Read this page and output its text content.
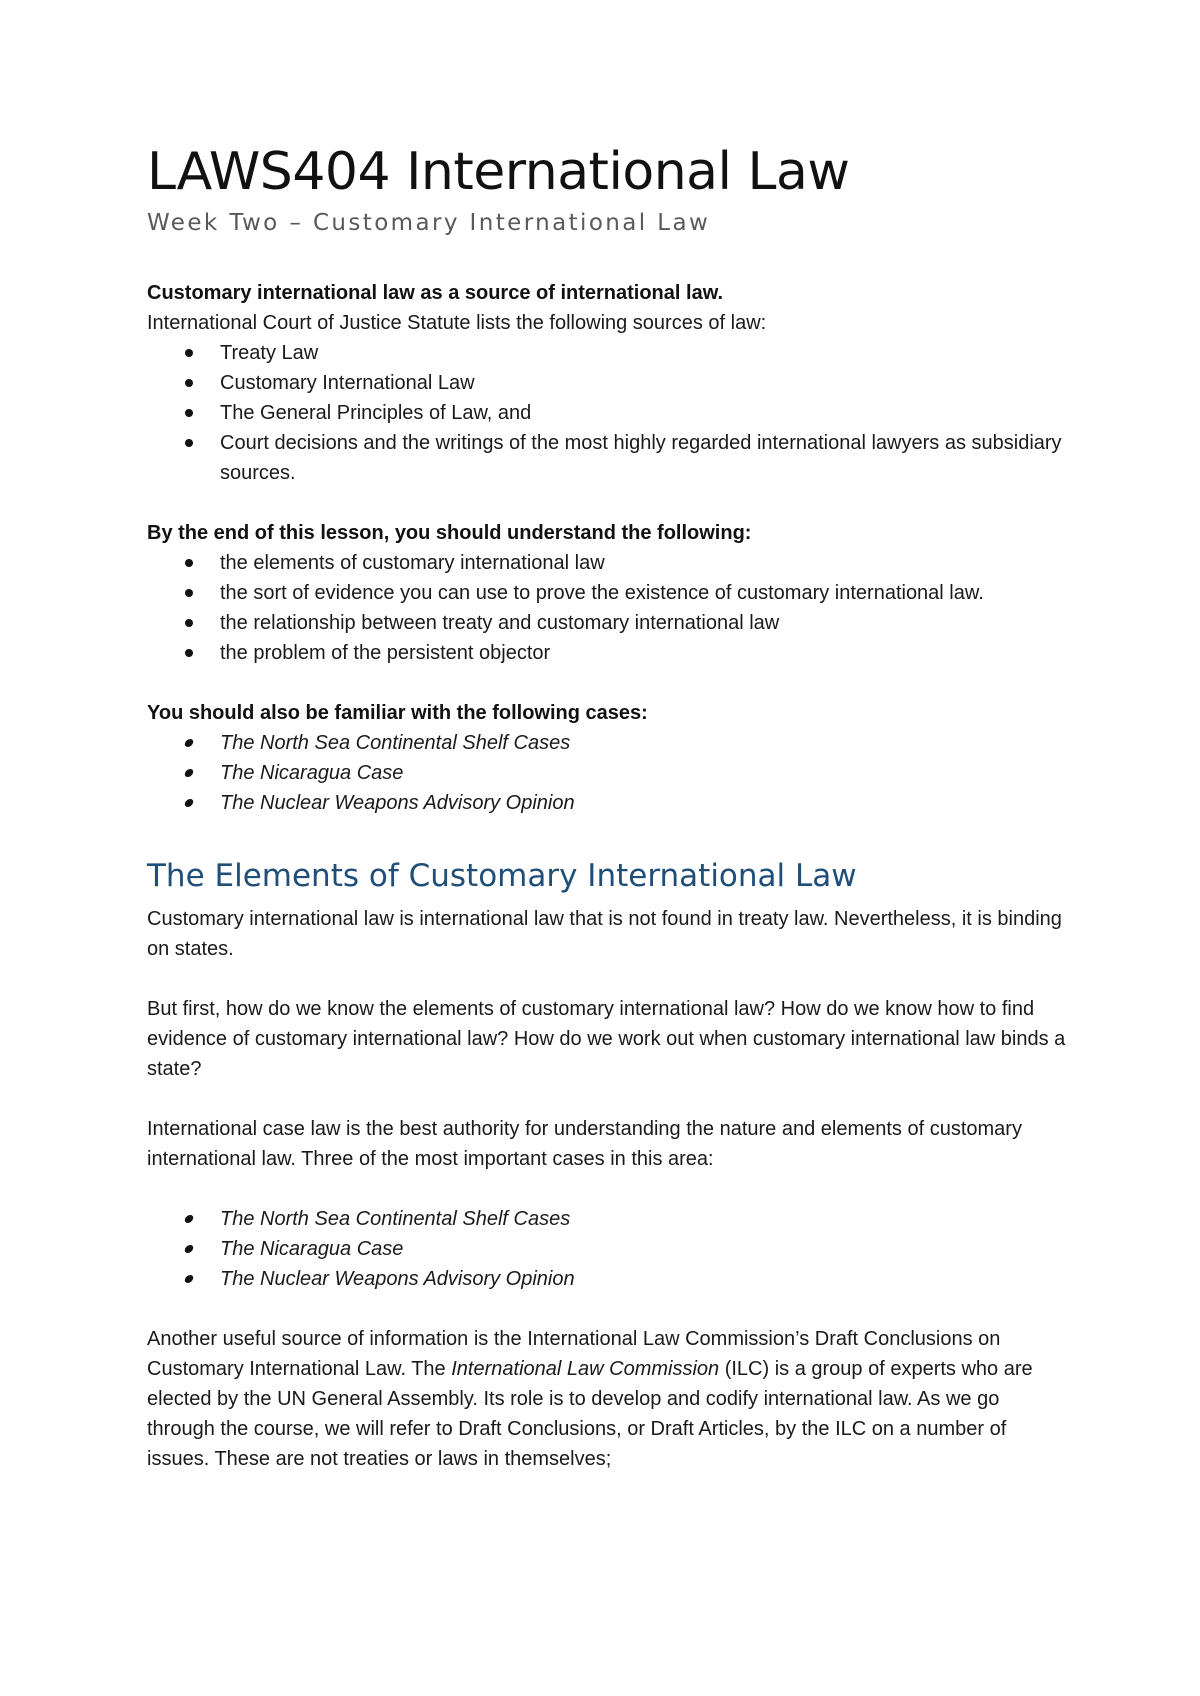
LAWS404 International Law
Week Two – Customary International Law

Customary international law as a source of international law.

International Court of Justice Statute lists the following sources of law:

Treaty Law
Customary International Law
The General Principles of Law, and
Court decisions and the writings of the most highly regarded international lawyers as subsidiary sources.

By the end of this lesson, you should understand the following:

the elements of customary international law
the sort of evidence you can use to prove the existence of customary international law.
the relationship between treaty and customary international law
the problem of the persistent objector

You should also be familiar with the following cases:

The North Sea Continental Shelf Cases
The Nicaragua Case
The Nuclear Weapons Advisory Opinion
The Elements of Customary International Law

Customary international law is international law that is not found in treaty law. Nevertheless, it is binding on states.

But first, how do we know the elements of customary international law? How do we know how to find evidence of customary international law? How do we work out when customary international law binds a state?

International case law is the best authority for understanding the nature and elements of customary international law. Three of the most important cases in this area:

The North Sea Continental Shelf Cases
The Nicaragua Case
The Nuclear Weapons Advisory Opinion

Another useful source of information is the International Law Commission’s Draft Conclusions on Customary International Law. The International Law Commission (ILC) is a group of experts who are elected by the UN General Assembly. Its role is to develop and codify international law. As we go through the course, we will refer to Draft Conclusions, or Draft Articles, by the ILC on a number of issues. These are not treaties or laws in themselves;
